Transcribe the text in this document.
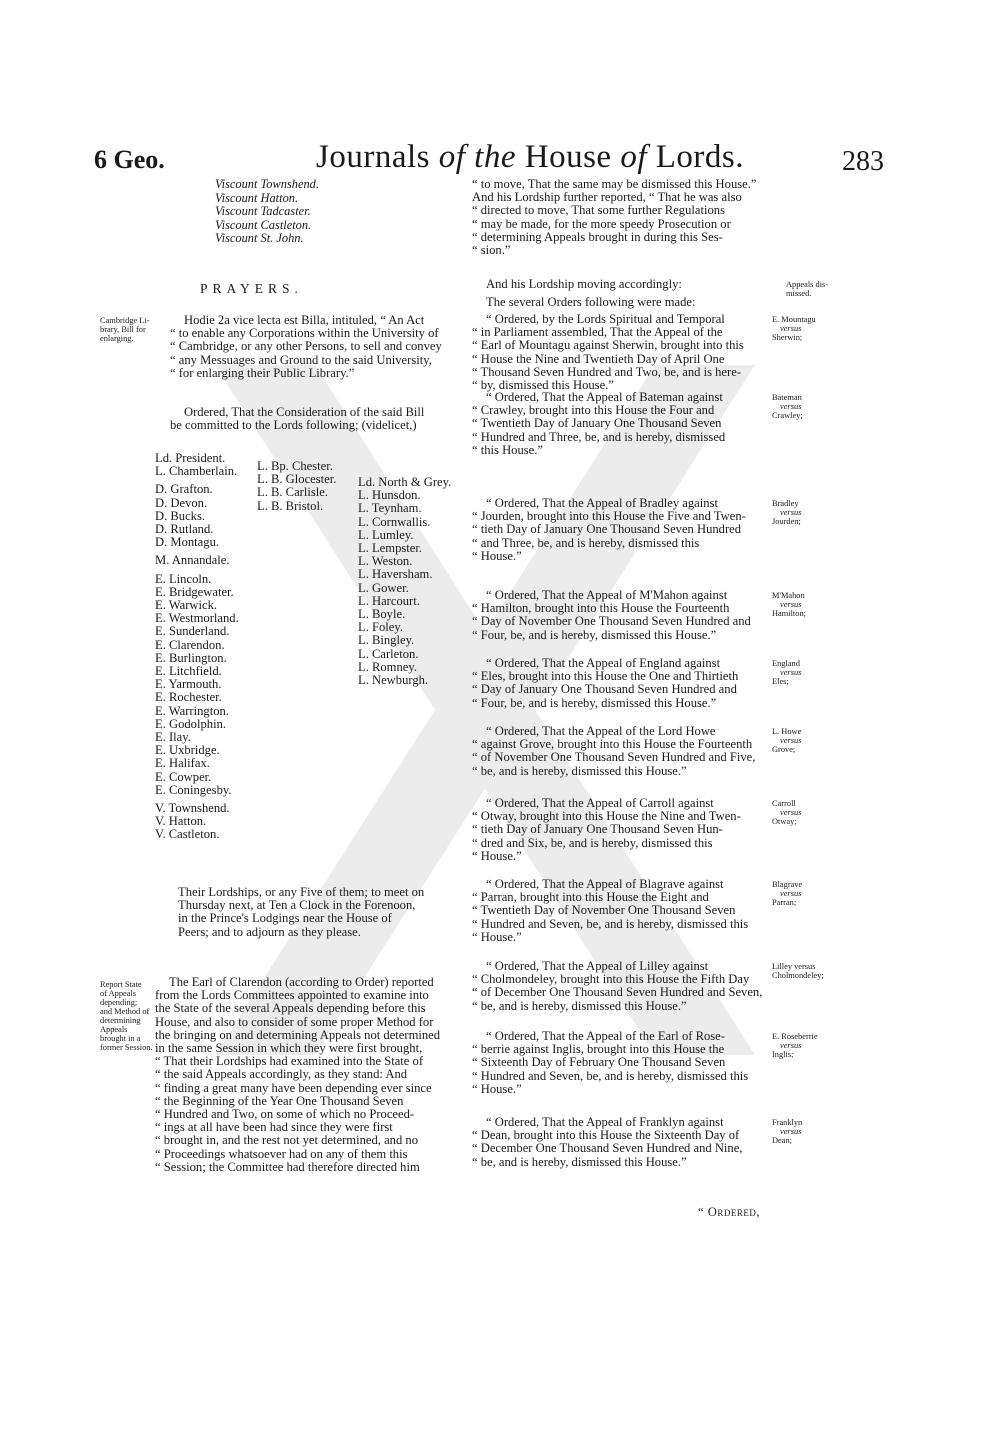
6 Geo.	Journals of the House of Lords.	283
Viscount Townshend.
Viscount Hatton.
Viscount Tadcaster.
Viscount Castleton.
Viscount St. John.
PRAYERS.
Hodie 2a vice lecta est Billa, intituled, “ An Act
“ to enable any Corporations within the University of
“ Cambridge, or any other Persons, to sell and convey
“ any Messuages and Ground to the said University,
“ for enlarging their Public Library.”
Ordered, That the Consideration of the said Bill
be committed to the Lords following; (videlicet,)
Ld. President.
L. Chamberlain.
D. Grafton.
D. Devon.
D. Bucks.
D. Rutland.
D. Montagu.
M. Annandale.
E. Lincoln.
E. Bridgewater.
E. Warwick.
E. Westmorland.
E. Sunderland.
E. Clarendon.
E. Burlington.
E. Litchfield.
E. Yarmouth.
E. Rochester.
E. Warrington.
E. Godolphin.
E. Ilay.
E. Uxbridge.
E. Halifax.
E. Cowper.
E. Coningesby.
V. Townshend.
V. Hatton.
V. Castleton.
L. Bp. Chester.
L. B. Glocester.
L. B. Carlisle.
L. B. Bristol.
Ld. North & Grey.
L. Hunsdon.
L. Teynham.
L. Cornwallis.
L. Lumley.
L. Lempster.
L. Weston.
L. Haversham.
L. Gower.
L. Harcourt.
L. Boyle.
L. Foley.
L. Bingley.
L. Carleton.
L. Romney.
L. Newburgh.
Their Lordships, or any Five of them; to meet on
Thursday next, at Ten a Clock in the Forenoon,
in the Prince's Lodgings near the House of
Peers; and to adjourn as they please.
The Earl of Clarendon (according to Order) reported
from the Lords Committees appointed to examine into
the State of the several Appeals depending before this
House, and also to consider of some proper Method for
the bringing on and determining Appeals not determined
in the same Session in which they were first brought,
“ That their Lordships had examined into the State of
“ the said Appeals accordingly, as they stand: And
“ finding a great many have been depending ever since
“ the Beginning of the Year One Thousand Seven
“ Hundred and Two, on some of which no Proceed-
“ ings at all have been had since they were first
“ brought in, and the rest not yet determined, and no
“ Proceedings whatsoever had on any of them this
“ Session; the Committee had therefore directed him
Cambridge Li-
brary, Bill for
enlarging.
Report State
of Appeals
depending;
and Method of
determining
Appeals
brought in a
former Session.
“ to move, That the same may be dismissed this House.”
And his Lordship further reported, “ That he was also
“ directed to move, That some further Regulations
“ may be made, for the more speedy Prosecution or
“ determining Appeals brought in during this Ses-
“ sion.”

And his Lordship moving accordingly:

The several Orders following were made:

Appeals dis-
missed.
“ Ordered, by the Lords Spiritual and Temporal
“ in Parliament assembled, That the Appeal of the
“ Earl of Mountagu against Sherwin, brought into this
“ House the Nine and Twentieth Day of April One
“ Thousand Seven Hundred and Two, be, and is here-
“ by, dismissed this House.”
E. Mountagu
versus
Sherwin;
“ Ordered, That the Appeal of Bateman against
“ Crawley, brought into this House the Four and
“ Twentieth Day of January One Thousand Seven
“ Hundred and Three, be, and is hereby, dismissed
“ this House.”
Bateman
versus
Crawley;
“ Ordered, That the Appeal of Bradley against
“ Jourden, brought into this House the Five and Twen-
“ tieth Day of January One Thousand Seven Hundred
“ and Three, be, and is hereby, dismissed this
“ House.”
Bradley
versus
Jourden;
“ Ordered, That the Appeal of M'Mahon against
“ Hamilton, brought into this House the Fourteenth
“ Day of November One Thousand Seven Hundred and
“ Four, be, and is hereby, dismissed this House.”
M'Mahon
versus
Hamilton;
“ Ordered, That the Appeal of England against
“ Eles, brought into this House the One and Thirtieth
“ Day of January One Thousand Seven Hundred and
“ Four, be, and is hereby, dismissed this House.”
England
versus
Eles;
“ Ordered, That the Appeal of the Lord Howe
“ against Grove, brought into this House the Fourteenth
“ of November One Thousand Seven Hundred and Five,
“ be, and is hereby, dismissed this House.”
L. Howe
versus
Grove;
“ Ordered, That the Appeal of Carroll against
“ Otway, brought into this House the Nine and Twen-
“ tieth Day of January One Thousand Seven Hun-
“ dred and Six, be, and is hereby, dismissed this
“ House.”
Carroll
versus
Otway;
“ Ordered, That the Appeal of Blagrave against
“ Parran, brought into this House the Eight and
“ Twentieth Day of November One Thousand Seven
“ Hundred and Seven, be, and is hereby, dismissed this
“ House.”
Blagrave
versus
Parran;
“ Ordered, That the Appeal of Lilley against
“ Cholmondeley, brought into this House the Fifth Day
“ of December One Thousand Seven Hundred and Seven,
“ be, and is hereby, dismissed this House.”
Lilley versus
Cholmondeley;
“ Ordered, That the Appeal of the Earl of Rose-
“ berrie against Inglis, brought into this House the
“ Sixteenth Day of February One Thousand Seven
“ Hundred and Seven, be, and is hereby, dismissed this
“ House.”
E. Roseberrie
versus
Inglis;
“ Ordered, That the Appeal of Franklyn against
“ Dean, brought into this House the Sixteenth Day of
“ December One Thousand Seven Hundred and Nine,
“ be, and is hereby, dismissed this House.”
Franklyn
versus
Dean;

“ Ordered,
